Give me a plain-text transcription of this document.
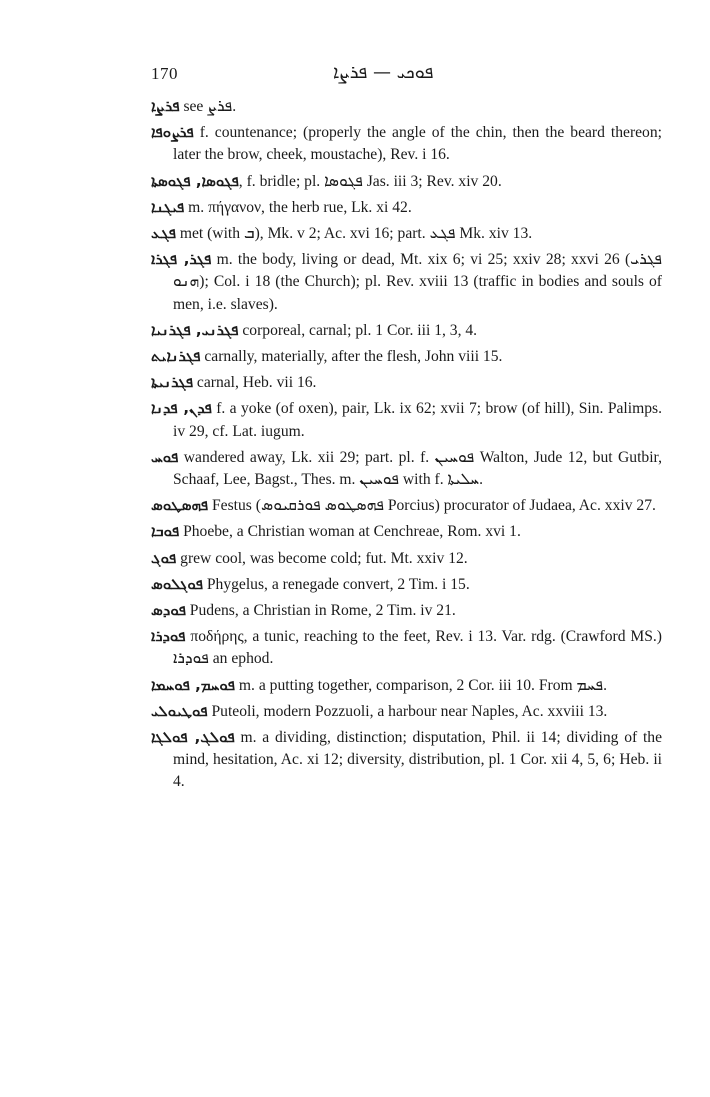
170	ܦܘܟܝ — ܦܪܨܐ

ܦܪܨܐ see ܦܪܨ.

ܦܪܨܘܦܐ f. countenance; (properly the angle of the chin, then the beard thereon; later the brow, cheek, moustache), Rev. i 16.

ܦܓܘܣܐ, ܦܓܘܣܬܐ, f. bridle; pl. ܦܓܘܣܐ Jas. iii 3; Rev. xiv 20.

ܦܝܓܢܐ m. πήγανον, the herb rue, Lk. xi 42.

ܦܓܥ met (with ܒ), Mk. v 2; Ac. xvi 16; part. ܦܓܥ Mk. xiv 13.

ܦܓܪ, ܦܓܪܐ m. the body, living or dead, Mt. xix 6; vi 25; xxiv 28; xxvi 26 (ܦܓܪܝ ܗܢܘ); Col. i 18 (the Church); pl. Rev. xviii 13 (traffic in bodies and souls of men, i.e. slaves).

ܦܓܪܢܝ, ܦܓܪܢܝܐ corporeal, carnal; pl. 1 Cor. iii 1, 3, 4.

ܦܓܪܢܐܝܬ carnally, materially, after the flesh, John viii 15.

ܦܓܪܢܝܬܐ carnal, Heb. vii 16.

ܦܕܢ, ܦܕܢܐ f. a yoke (of oxen), pair, Lk. ix 62; xvii 7; brow (of hill), Sin. Palimps. iv 29, cf. Lat. iugum.

ܦܘܚ wandered away, Lk. xii 29; part. pl. f. ܦܘܚܝܢ Walton, Jude 12, but Gutbir, Schaaf, Lee, Bagst., Thes. m. ܦܘܚܝܢ with f. ܚܠܝܬܐ.

ܦܗܣܛܘܣ Festus (ܦܗܣܛܘܣ ܦܘܪܩܝܘܣ Porcius) procurator of Judaea, Ac. xxiv 27.

ܦܘܒܐ Phoebe, a Christian woman at Cenchreae, Rom. xvi 1.

ܦܘܓ grew cool, was become cold; fut. Mt. xxiv 12.

ܦܘܓܠܘܣ Phygelus, a renegade convert, 2 Tim. i 15.

ܦܘܕܣ Pudens, a Christian in Rome, 2 Tim. iv 21.

ܦܘܕܪܐ ποδήρης, a tunic, reaching to the feet, Rev. i 13. Var. rdg. (Crawford MS.) ܦܘܕܪܐ an ephod.

ܦܘܚܡ, ܦܘܚܡܐ m. a putting together, comparison, 2 Cor. iii 10. From ܦܚܡ.

ܦܘܛܝܘܠܝ Puteoli, modern Pozzuoli, a harbour near Naples, Ac. xxviii 13.

ܦܘܠܓ, ܦܘܠܓܐ m. a dividing, distinction; disputation, Phil. ii 14; dividing of the mind, hesitation, Ac. xi 12; diversity, distribution, pl. 1 Cor. xii 4, 5, 6; Heb. ii 4.
